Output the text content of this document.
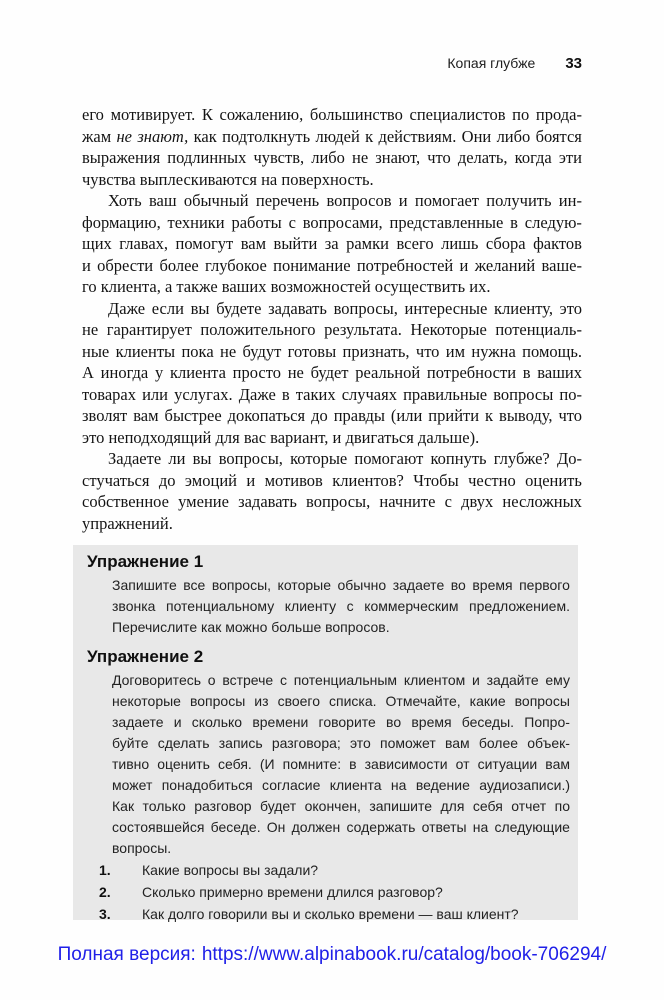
Копая глубже 33
его мотивирует. К сожалению, большинство специалистов по прода-
жам не знают, как подтолкнуть людей к действиям. Они либо боятся
выражения подлинных чувств, либо не знают, что делать, когда эти
чувства выплескиваются на поверхность.
Хоть ваш обычный перечень вопросов и помогает получить ин-
формацию, техники работы с вопросами, представленные в следую-
щих главах, помогут вам выйти за рамки всего лишь сбора фактов
и обрести более глубокое понимание потребностей и желаний ваше-
го клиента, а также ваших возможностей осуществить их.
Даже если вы будете задавать вопросы, интересные клиенту, это
не гарантирует положительного результата. Некоторые потенциаль-
ные клиенты пока не будут готовы признать, что им нужна помощь.
А иногда у клиента просто не будет реальной потребности в ваших
товарах или услугах. Даже в таких случаях правильные вопросы по-
зволят вам быстрее докопаться до правды (или прийти к выводу, что
это неподходящий для вас вариант, и двигаться дальше).
Задаете ли вы вопросы, которые помогают копнуть глубже? До-
стучаться до эмоций и мотивов клиентов? Чтобы честно оценить
собственное умение задавать вопросы, начните с двух несложных
упражнений.
Упражнение 1
Запишите все вопросы, которые обычно задаете во время первого
звонка потенциальному клиенту с коммерческим предложением.
Перечислите как можно больше вопросов.
Упражнение 2
Договоритесь о встрече с потенциальным клиентом и задайте ему
некоторые вопросы из своего списка. Отмечайте, какие вопросы
задаете и сколько времени говорите во время беседы. Попро-
буйте сделать запись разговора; это поможет вам более объек-
тивно оценить себя. (И помните: в зависимости от ситуации вам
может понадобиться согласие клиента на ведение аудиозаписи.)
Как только разговор будет окончен, запишите для себя отчет по
состоявшейся беседе. Он должен содержать ответы на следующие
вопросы.
1.	Какие вопросы вы задали?
2.	Сколько примерно времени длился разговор?
3.	Как долго говорили вы и сколько времени — ваш клиент?
Полная версия: https://www.alpinabook.ru/catalog/book-706294/
